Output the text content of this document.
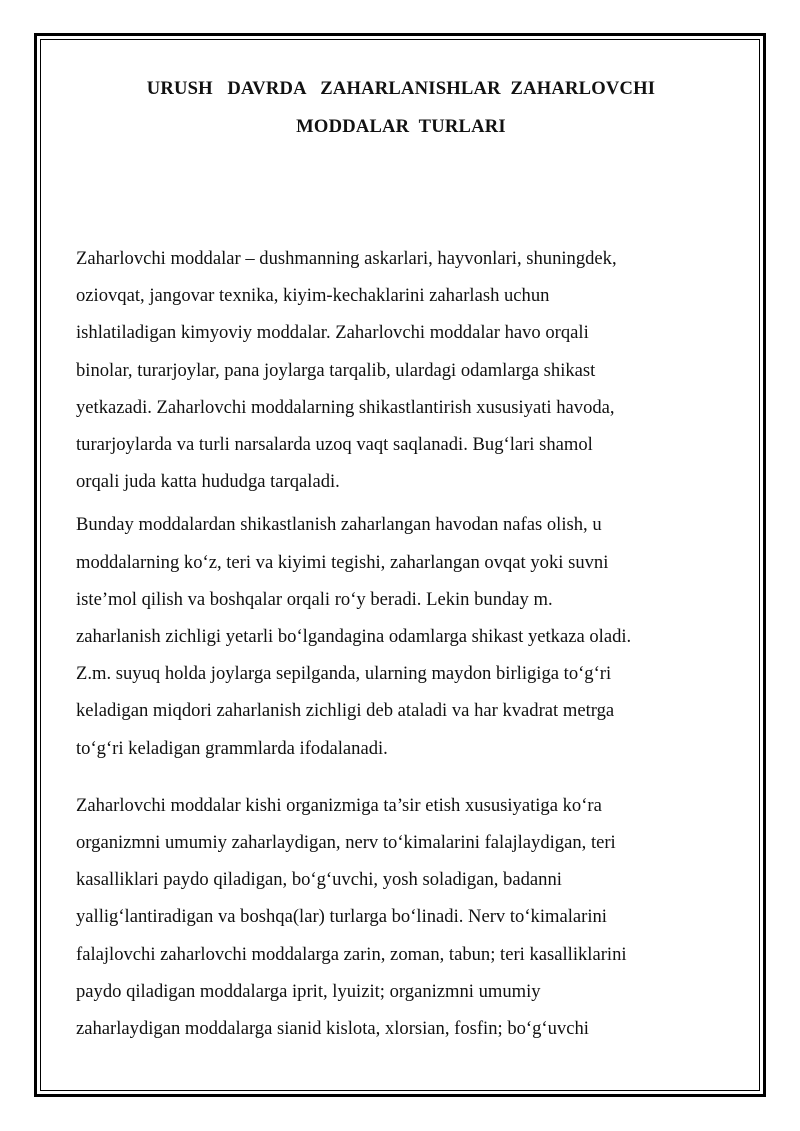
URUSH   DAVRDA   ZAHARLANISHLAR  ZAHARLOVCHI
MODDALAR  TURLARI

Zaharlovchi moddalar – dushmanning askarlari, hayvonlari, shuningdek,
oziovqat, jangovar texnika, kiyim-kechaklarini zaharlash uchun
ishlatiladigan kimyoviy moddalar. Zaharlovchi moddalar havo orqali
binolar, turarjoylar, pana joylarga tarqalib, ulardagi odamlarga shikast
yetkazadi. Zaharlovchi moddalarning shikastlantirish xususiyati havoda,
turarjoylarda va turli narsalarda uzoq vaqt saqlanadi. Bug‘lari shamol
orqali juda katta hududga tarqaladi.

Bunday moddalardan shikastlanish zaharlangan havodan nafas olish, u
moddalarning ko‘z, teri va kiyimi tegishi, zaharlangan ovqat yoki suvni
iste’mol qilish va boshqalar orqali ro‘y beradi. Lekin bunday m.
zaharlanish zichligi yetarli bo‘lgandagina odamlarga shikast yetkaza oladi.
Z.m. suyuq holda joylarga sepilganda, ularning maydon birligiga to‘g‘ri
keladigan miqdori zaharlanish zichligi deb ataladi va har kvadrat metrga
to‘g‘ri keladigan grammlarda ifodalanadi.

Zaharlovchi moddalar kishi organizmiga ta’sir etish xususiyatiga ko‘ra
organizmni umumiy zaharlaydigan, nerv to‘kimalarini falajlaydigan, teri
kasalliklari paydo qiladigan, bo‘g‘uvchi, yosh soladigan, badanni
yallig‘lantiradigan va boshqa(lar) turlarga bo‘linadi. Nerv to‘kimalarini
falajlovchi zaharlovchi moddalarga zarin, zoman, tabun; teri kasalliklarini
paydo qiladigan moddalarga iprit, lyuizit; organizmni umumiy
zaharlaydigan moddalarga sianid kislota, xlorsian, fosfin; bo‘g‘uvchi
